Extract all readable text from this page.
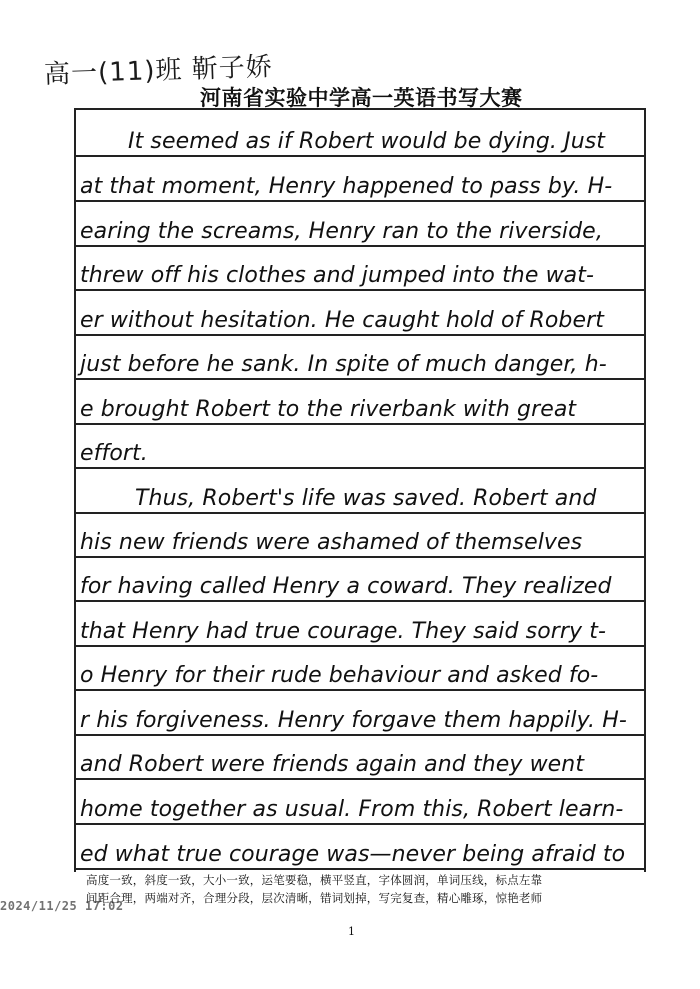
高一(11)班 靳子娇
河南省实验中学高一英语书写大赛
It seemed as if Robert would be dying. Just
at that moment, Henry happened to pass by. H-
earing the screams, Henry ran to the riverside,
threw off his clothes and jumped into the wat-
er without hesitation. He caught hold of Robert
just before he sank. In spite of much danger, h-
e brought Robert to the riverbank with great
effort.
Thus, Robert's life was saved. Robert and
his new friends were ashamed of themselves
for having called Henry a coward. They realized
that Henry had true courage. They said sorry t-
o Henry for their rude behaviour and asked fo-
r his forgiveness. Henry forgave them happily. H-
and Robert were friends again and they went
home together as usual. From this, Robert learn-
ed what true courage was—never being afraid to
高度一致，斜度一致，大小一致，运笔要稳，横平竖直，字体圆润，单词压线，标点左靠
间距合理，两端对齐，合理分段，层次清晰，错词划掉，写完复查，精心雕琢，惊艳老师
2024/11/25 17:02
1
